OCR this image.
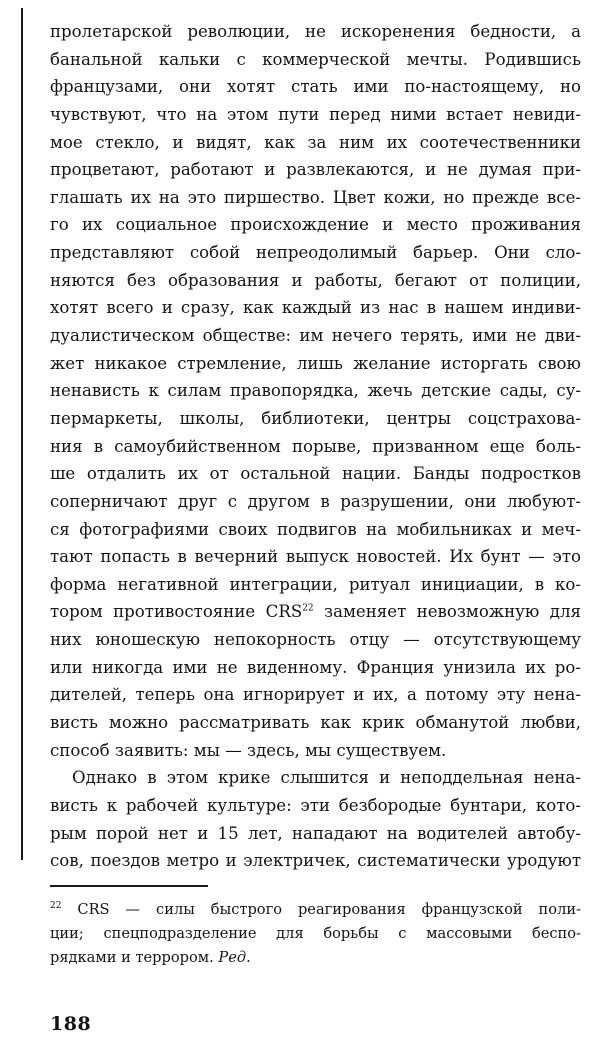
пролетарской революции, не искоренения бедности, а
банальной кальки с коммерческой мечты. Родившись
французами, они хотят стать ими по-настоящему, но
чувствуют, что на этом пути перед ними встает невиди-
мое стекло, и видят, как за ним их соотечественники
процветают, работают и развлекаются, и не думая при-
глашать их на это пиршество. Цвет кожи, но прежде все-
го их социальное происхождение и место проживания
представляют собой непреодолимый барьер. Они сло-
няются без образования и работы, бегают от полиции,
хотят всего и сразу, как каждый из нас в нашем индиви-
дуалистическом обществе: им нечего терять, ими не дви-
жет никакое стремление, лишь желание исторгать свою
ненависть к силам правопорядка, жечь детские сады, су-
пермаркеты, школы, библиотеки, центры соцстрахова-
ния в самоубийственном порыве, призванном еще боль-
ше отдалить их от остальной нации. Банды подростков
соперничают друг с другом в разрушении, они любуют-
ся фотографиями своих подвигов на мобильниках и меч-
тают попасть в вечерний выпуск новостей. Их бунт — это
форма негативной интеграции, ритуал инициации, в ко-
тором противостояние CRS$^{22}$ заменяет невозможную для
них юношескую непокорность отцу — отсутствующему
или никогда ими не виденному. Франция унизила их ро-
дителей, теперь она игнорирует и их, а потому эту нена-
висть можно рассматривать как крик обманутой любви,
способ заявить: мы — здесь, мы существуем.
Однако в этом крике слышится и неподдельная нена-
висть к рабочей культуре: эти безбородые бунтари, кото-
рым порой нет и 15 лет, нападают на водителей автобу-
сов, поездов метро и электричек, систематически уродуют
$^{22}$ CRS — силы быстрого реагирования французской поли-
ции; спецподразделение для борьбы с массовыми беспо-
рядками и террором. Ред.
188
